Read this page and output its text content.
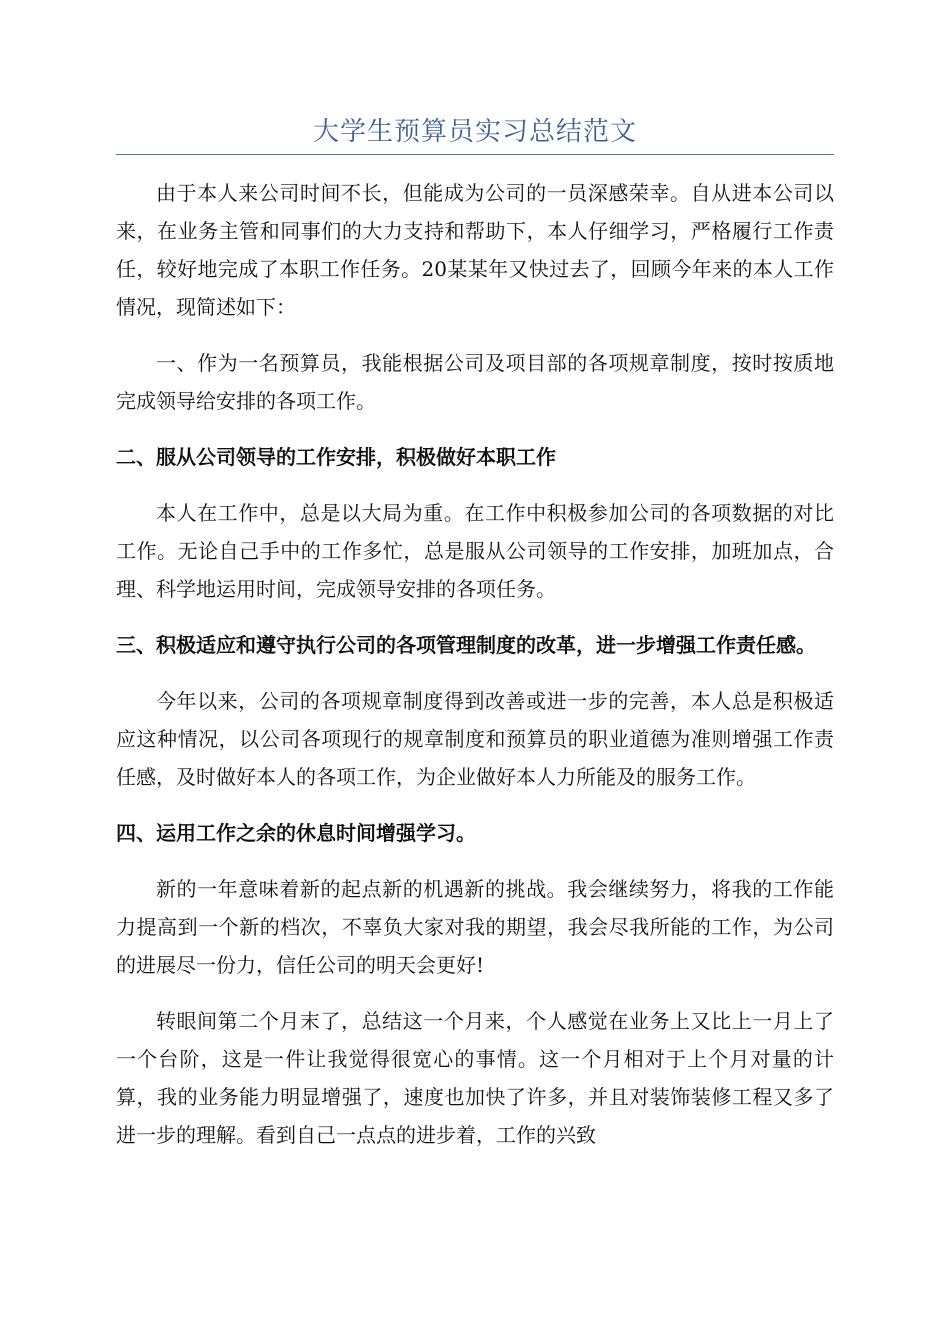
大学生预算员实习总结范文

由于本人来公司时间不长，但能成为公司的一员深感荣幸。自从进本公司以来，在业务主管和同事们的大力支持和帮助下，本人仔细学习，严格履行工作责任，较好地完成了本职工作任务。20某某年又快过去了，回顾今年来的本人工作情况，现简述如下：

一、作为一名预算员，我能根据公司及项目部的各项规章制度，按时按质地完成领导给安排的各项工作。

二、服从公司领导的工作安排，积极做好本职工作

本人在工作中，总是以大局为重。在工作中积极参加公司的各项数据的对比工作。无论自己手中的工作多忙，总是服从公司领导的工作安排，加班加点，合理、科学地运用时间，完成领导安排的各项任务。

三、积极适应和遵守执行公司的各项管理制度的改革，进一步增强工作责任感。

今年以来，公司的各项规章制度得到改善或进一步的完善，本人总是积极适应这种情况，以公司各项现行的规章制度和预算员的职业道德为准则增强工作责任感，及时做好本人的各项工作，为企业做好本人力所能及的服务工作。

四、运用工作之余的休息时间增强学习。

新的一年意味着新的起点新的机遇新的挑战。我会继续努力，将我的工作能力提高到一个新的档次，不辜负大家对我的期望，我会尽我所能的工作，为公司的进展尽一份力，信任公司的明天会更好!

转眼间第二个月末了，总结这一个月来，个人感觉在业务上又比上一月上了一个台阶，这是一件让我觉得很宽心的事情。这一个月相对于上个月对量的计算，我的业务能力明显增强了，速度也加快了许多，并且对装饰装修工程又多了进一步的理解。看到自己一点点的进步着，工作的兴致
